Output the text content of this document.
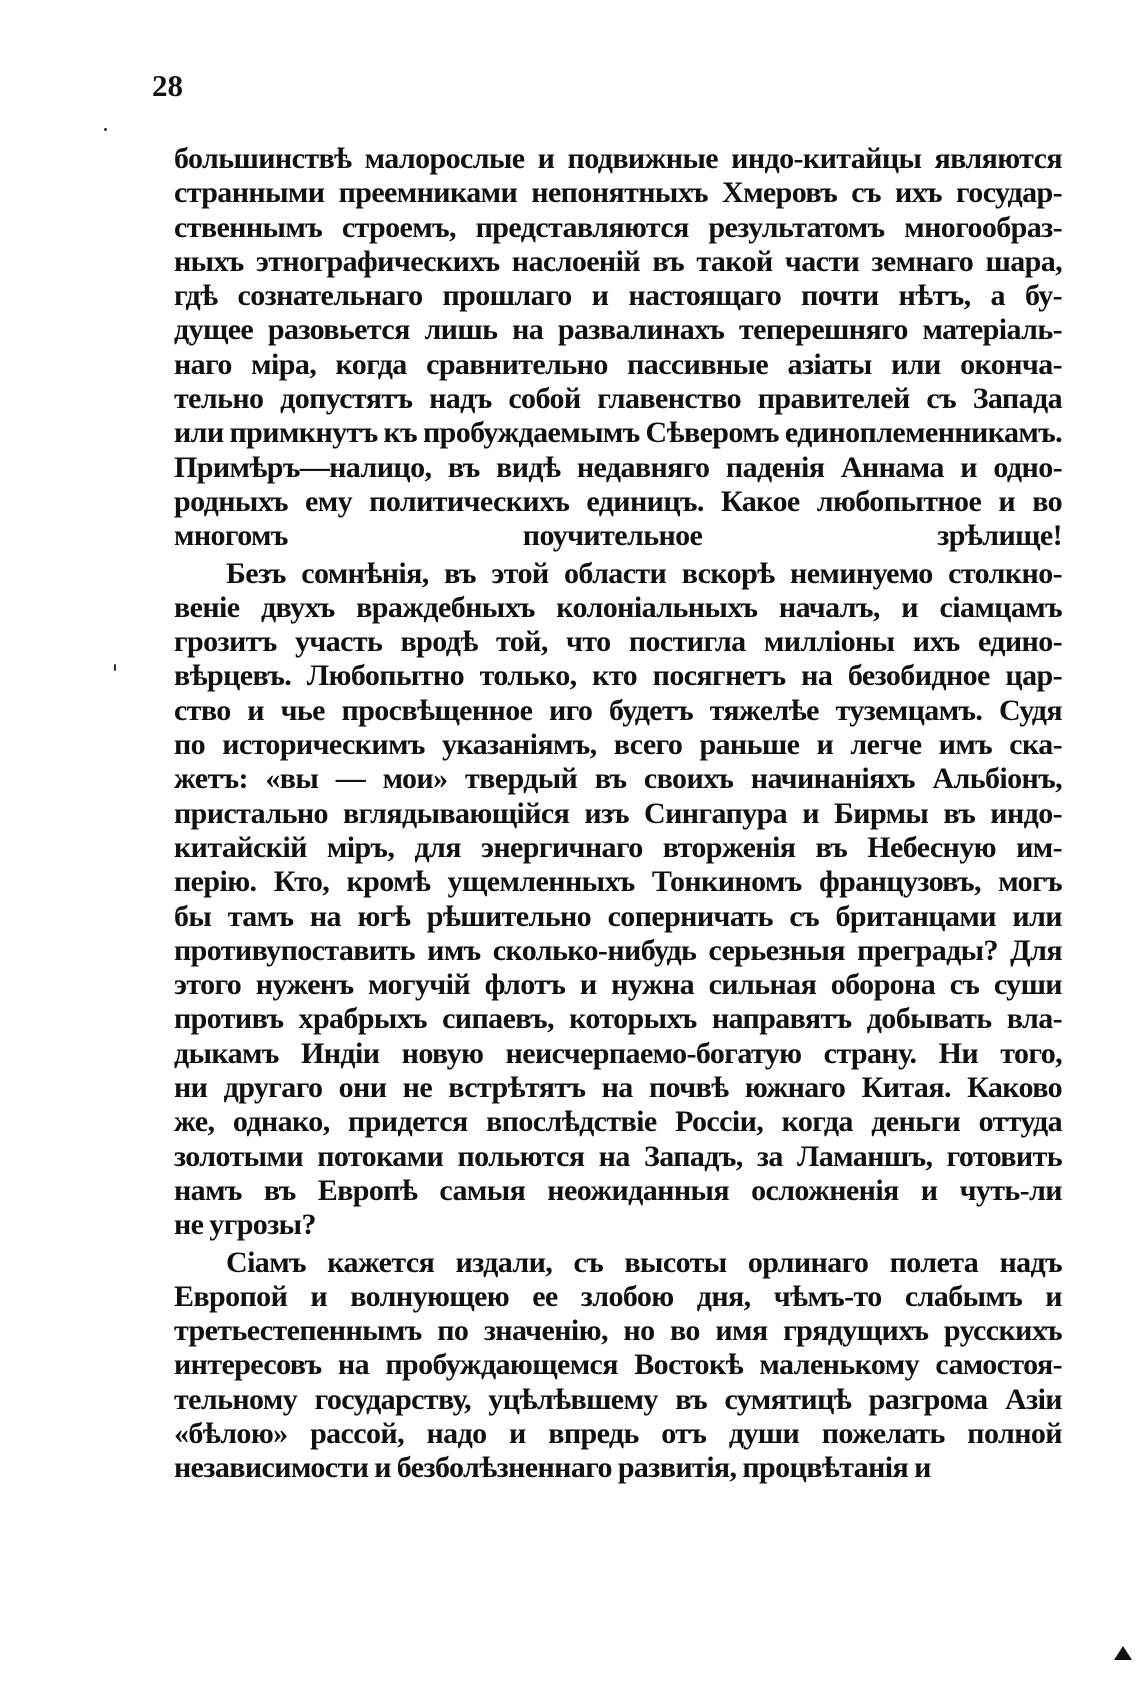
28
большинствѣ малорослые и подвижные индо-китайцы являются
странными преемниками непонятныхъ Хмеровъ съ ихъ государ-
ственнымъ строемъ, представляются результатомъ многообраз-
ныхъ этнографическихъ наслоеній въ такой части земнаго шара,
гдѣ сознательнаго прошлаго и настоящаго почти нѣтъ, а бу-
дущее разовьется лишь на развалинахъ теперешняго матеріаль-
наго міра, когда сравнительно пассивные азіаты или оконча-
тельно допустятъ надъ собой главенство правителей съ Запада
или примкнутъ къ пробуждаемымъ Сѣверомъ единоплеменникамъ.
Примѣръ—налицо, въ видѣ недавняго паденія Аннама и одно-
родныхъ ему политическихъ единицъ. Какое любопытное и во
многомъ поучительное зрѣлище!
Безъ сомнѣнія, въ этой области вскорѣ неминуемо столкно-
веніе двухъ враждебныхъ колоніальныхъ началъ, и сіамцамъ
грозитъ участь вродѣ той, что постигла милліоны ихъ едино-
вѣрцевъ. Любопытно только, кто посягнетъ на безобидное цар-
ство и чье просвѣщенное иго будетъ тяжелѣе туземцамъ. Судя
по историческимъ указаніямъ, всего раньше и легче имъ ска-
жетъ: «вы — мои» твердый въ своихъ начинаніяхъ Альбіонъ,
пристально вглядывающійся изъ Сингапура и Бирмы въ индо-
китайскій міръ, для энергичнаго вторженія въ Небесную им-
перію. Кто, кромѣ ущемленныхъ Тонкиномъ французовъ, могъ
бы тамъ на югѣ рѣшительно соперничать съ британцами или
противупоставить имъ сколько-нибудь серьезныя преграды? Для
этого нуженъ могучій флотъ и нужна сильная оборона съ суши
противъ храбрыхъ сипаевъ, которыхъ направятъ добывать вла-
дыкамъ Индіи новую неисчерпаемо-богатую страну. Ни того,
ни другаго они не встрѣтятъ на почвѣ южнаго Китая. Каково
же, однако, придется впослѣдствіе Россіи, когда деньги оттуда
золотыми потоками польются на Западъ, за Ламаншъ, готовить
намъ въ Европѣ самыя неожиданныя осложненія и чуть-ли
не угрозы?
Сіамъ кажется издали, съ высоты орлинаго полета надъ
Европой и волнующею ее злобою дня, чѣмъ-то слабымъ и
третьестепеннымъ по значенію, но во имя грядущихъ русскихъ
интересовъ на пробуждающемся Востокѣ маленькому самостоя-
тельному государству, уцѣлѣвшему въ сумятицѣ разгрома Азіи
«бѣлою» рассой, надо и впредь отъ души пожелать полной
независимости и безболѣзненнаго развитія, процвѣтанія и
